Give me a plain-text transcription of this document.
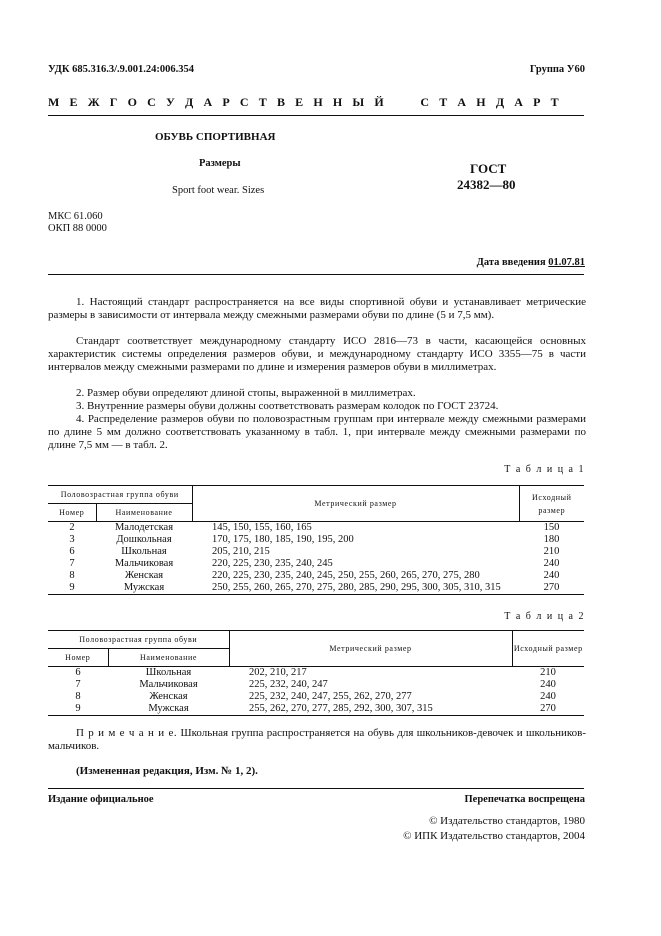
УДК 685.316.3/.9.001.24:006.354	Группа У60
М Е Ж Г О С У Д А Р С Т В Е Н Н Ы Й     С Т А Н Д А Р Т
ОБУВЬ СПОРТИВНАЯ
Размеры
Sport foot wear. Sizes
ГОСТ
24382—80
МКС 61.060
ОКП 88 0000
Дата введения 01.07.81
1. Настоящий стандарт распространяется на все виды спортивной обуви и устанавливает метрические размеры в зависимости от интервала между смежными размерами обуви по длине (5 и 7,5 мм).
Стандарт соответствует международному стандарту ИСО 2816—73 в части, касающейся основных характеристик системы определения размеров обуви, и международному стандарту ИСО 3355—75 в части интервалов между смежными размерами по длине и измерения размеров обуви в миллиметрах.
2. Размер обуви определяют длиной стопы, выраженной в миллиметрах.
3. Внутренние размеры обуви должны соответствовать размерам колодок по ГОСТ 23724.
4. Распределение размеров обуви по половозрастным группам при интервале между смежными размерами по длине 5 мм должно соответствовать указанному в табл. 1, при интервале между смежными размерами по длине 7,5 мм — в табл. 2.
Т а б л и ц а 1
Половозрастная группа обуви		Метрический размер	Исходный размер
Номер	Наименование		
2	Малодетская	145, 150, 155, 160, 165	150
3	Дошкольная	170, 175, 180, 185, 190, 195, 200	180
6	Школьная	205, 210, 215	210
7	Мальчиковая	220, 225, 230, 235, 240, 245	240
8	Женская	220, 225, 230, 235, 240, 245, 250, 255, 260, 265, 270, 275, 280	240
9	Мужская	250, 255, 260, 265, 270, 275, 280, 285, 290, 295, 300, 305, 310, 315	270
Т а б л и ц а 2
Половозрастная группа обуви		Метрический размер	Исходный размер
Номер	Наименование		
6	Школьная	202, 210, 217	210
7	Мальчиковая	225, 232, 240, 247	240
8	Женская	225, 232, 240, 247, 255, 262, 270, 277	240
9	Мужская	255, 262, 270, 277, 285, 292, 300, 307, 315	270
П р и м е ч а н и е. Школьная группа распространяется на обувь для школьников-девочек и школьников-мальчиков.
(Измененная редакция, Изм. № 1, 2).
Издание официальное	Перепечатка воспрещена
© Издательство стандартов, 1980
© ИПК Издательство стандартов, 2004
